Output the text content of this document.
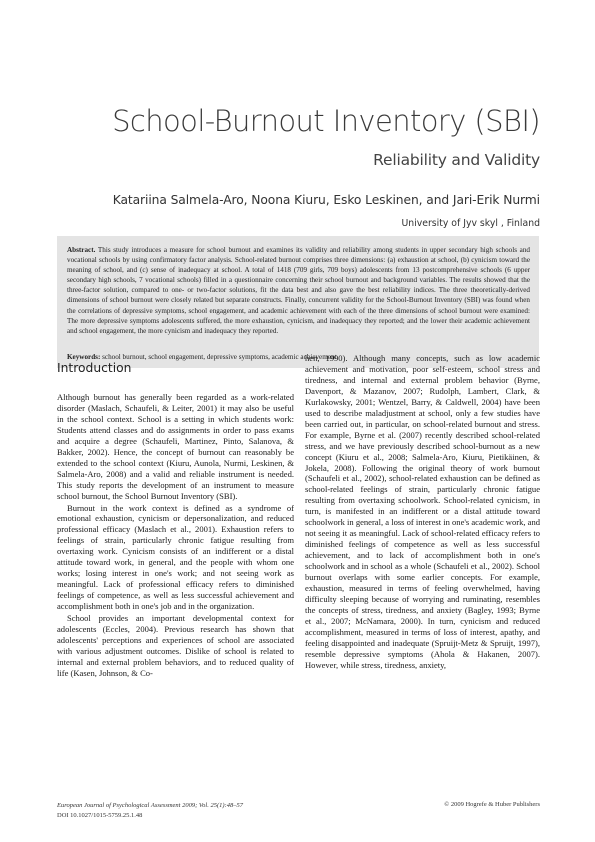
School-Burnout Inventory (SBI)
Reliability and Validity
Katariina Salmela-Aro, Noona Kiuru, Esko Leskinen, and Jari-Erik Nurmi
University of Jyv skyl , Finland

Abstract. This study introduces a measure for school burnout and examines its validity and reliability among students in upper secondary high schools and vocational schools by using confirmatory factor analysis. School-related burnout comprises three dimensions: (a) exhaustion at school, (b) cynicism toward the meaning of school, and (c) sense of inadequacy at school. A total of 1418 (709 girls, 709 boys) adolescents from 13 postcomprehensive schools (6 upper secondary high schools, 7 vocational schools) filled in a questionnaire concerning their school burnout and background variables. The results showed that the three-factor solution, compared to one- or two-factor solutions, fit the data best and also gave the best reliability indices. The three theoretically-derived dimensions of school burnout were closely related but separate constructs. Finally, concurrent validity for the School-Burnout Inventory (SBI) was found when the correlations of depressive symptoms, school engagement, and academic achievement with each of the three dimensions of school burnout were examined: The more depressive symptoms adolescents suffered, the more exhaustion, cynicism, and inadequacy they reported; and the lower their academic achievement and school engagement, the more cynicism and inadequacy they reported.

Keywords: school burnout, school engagement, depressive symptoms, academic achievement

Introduction

Although burnout has generally been regarded as a work-related disorder (Maslach, Schaufeli, & Leiter, 2001) it may also be useful in the school context. School is a setting in which students work: Students attend classes and do assignments in order to pass exams and acquire a degree (Schaufeli, Martinez, Pinto, Salanova, & Bakker, 2002). Hence, the concept of burnout can reasonably be extended to the school context (Kiuru, Aunola, Nurmi, Leskinen, & Salmela-Aro, 2008) and a valid and reliable instrument is needed. This study reports the development of an instrument to measure school burnout, the School Burnout Inventory (SBI).

Burnout in the work context is defined as a syndrome of emotional exhaustion, cynicism or depersonalization, and reduced professional efficacy (Maslach et al., 2001). Exhaustion refers to feelings of strain, particularly chronic fatigue resulting from overtaxing work. Cynicism consists of an indifferent or a distal attitude toward work, in general, and the people with whom one works; losing interest in one's work; and not seeing work as meaningful. Lack of professional efficacy refers to diminished feelings of competence, as well as less successful achievement and accomplishment both in one's job and in the organization.

School provides an important developmental context for adolescents (Eccles, 2004). Previous research has shown that adolescents' perceptions and experiences of school are associated with various adjustment outcomes. Dislike of school is related to internal and external problem behaviors, and to reduced quality of life (Kasen, Johnson, & Co-

hen, 1990). Although many concepts, such as low academic achievement and motivation, poor self-esteem, school stress and tiredness, and internal and external problem behavior (Byrne, Davenport, & Mazanov, 2007; Rudolph, Lambert, Clark, & Kurlakowsky, 2001; Wentzel, Barry, & Caldwell, 2004) have been used to describe maladjustment at school, only a few studies have been carried out, in particular, on school-related burnout and stress. For example, Byrne et al. (2007) recently described school-related stress, and we have previously described school-burnout as a new concept (Kiuru et al., 2008; Salmela-Aro, Kiuru, Pietikäinen, & Jokela, 2008). Following the original theory of work burnout (Schaufeli et al., 2002), school-related exhaustion can be defined as school-related feelings of strain, particularly chronic fatigue resulting from overtaxing schoolwork. School-related cynicism, in turn, is manifested in an indifferent or a distal attitude toward schoolwork in general, a loss of interest in one's academic work, and not seeing it as meaningful. Lack of school-related efficacy refers to diminished feelings of competence as well as less successful achievement, and to lack of accomplishment both in one's schoolwork and in school as a whole (Schaufeli et al., 2002). School burnout overlaps with some earlier concepts. For example, exhaustion, measured in terms of feeling overwhelmed, having difficulty sleeping because of worrying and ruminating, resembles the concepts of stress, tiredness, and anxiety (Bagley, 1993; Byrne et al., 2007; McNamara, 2000). In turn, cynicism and reduced accomplishment, measured in terms of loss of interest, apathy, and feeling disappointed and inadequate (Spruijt-Metz & Spruijt, 1997), resemble depressive symptoms (Ahola & Hakanen, 2007). However, while stress, tiredness, anxiety,

European Journal of Psychological Assessment 2009; Vol. 25(1):48–57
DOI 10.1027/1015-5759.25.1.48
© 2009 Hogrefe & Huber Publishers
